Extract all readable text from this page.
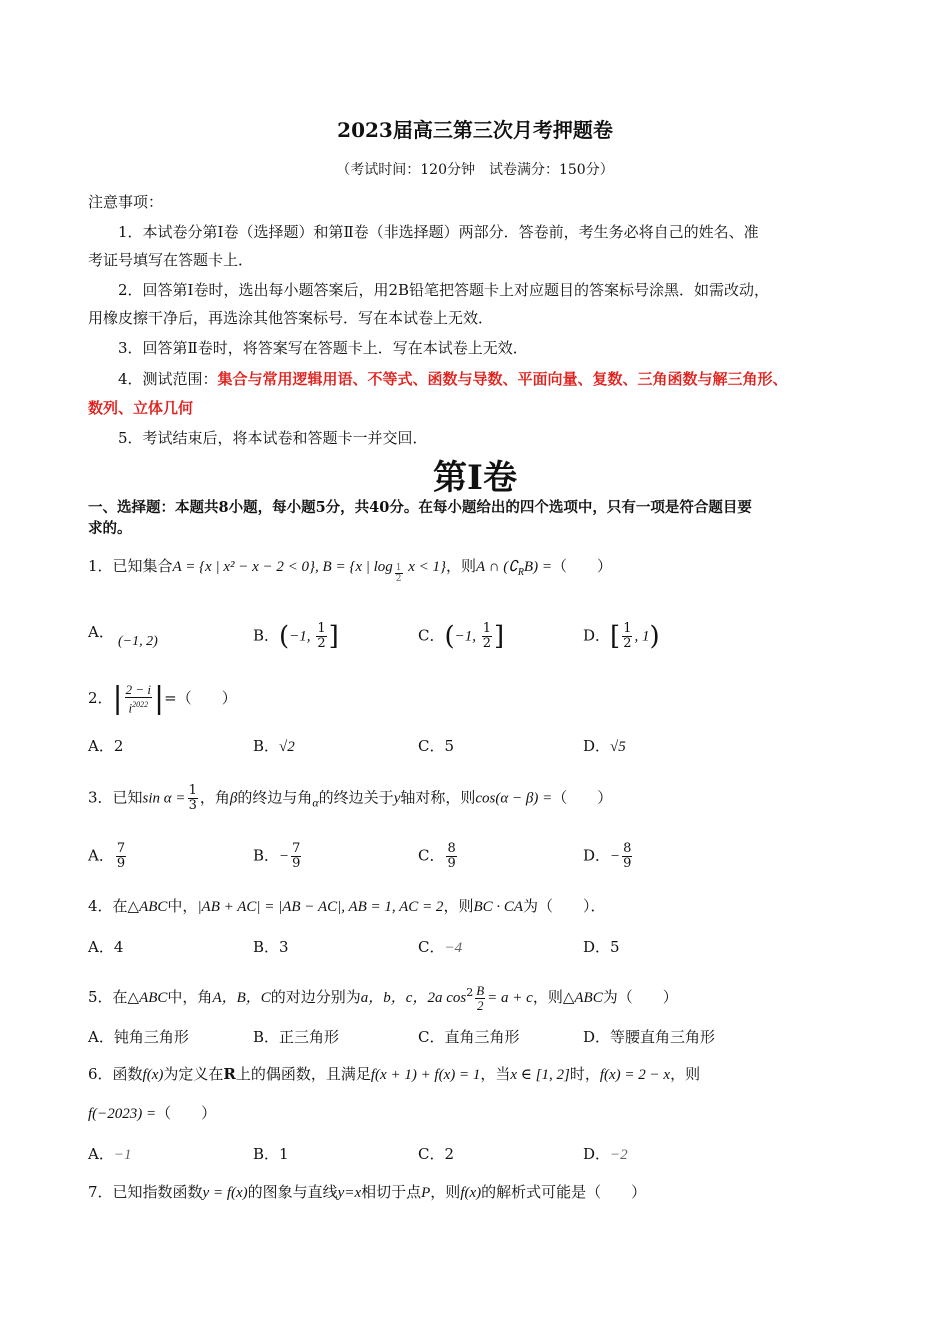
2023届高三第三次月考押题卷
（考试时间：120分钟　试卷满分：150分）
注意事项：
1．本试卷分第Ⅰ卷（选择题）和第Ⅱ卷（非选择题）两部分．答卷前，考生务必将自己的姓名、准
考证号填写在答题卡上．
2．回答第Ⅰ卷时，选出每小题答案后，用2B铅笔把答题卡上对应题目的答案标号涂黑．如需改动，
用橡皮擦干净后，再选涂其他答案标号．写在本试卷上无效．
3．回答第Ⅱ卷时，将答案写在答题卡上．写在本试卷上无效．
4．测试范围：集合与常用逻辑用语、不等式、函数与导数、平面向量、复数、三角函数与解三角形、
数列、立体几何
5．考试结束后，将本试卷和答题卡一并交回．
第Ⅰ卷
一、选择题：本题共8小题，每小题5分，共40分。在每小题给出的四个选项中，只有一项是符合题目要
求的。
1．已知集合A = {x | x² − x − 2 < 0}, B = {x | $\log \frac{1}{2}$ x < 1}，则A ∩ $(∁_RB)$ =（　　）
A．
(−1, 2)	B．(−1, $\frac{1}{2}$ ]	C．(−1, $\frac{1}{2}$ ]	D．[ $\frac{1}{2}$ , 1)
2．| $\frac{2 - i}{i^{2022}}$ |=（　　）
A．2	B．√2	C．5	D．√5
3．已知$\sin \alpha = \frac{1}{3}$ ，角β的终边与角$_\alpha$的终边关于y轴对称，则cos(α − β) =（　　）
A． $\frac{7}{9}$	B．− $\frac{7}{9}$	C． $\frac{8}{9}$	D．− $\frac{8}{9}$
4．在△ABC中，|AB + AC| = |AB − AC|, AB = 1, AC = 2，则BC · CA为（　　）．
A．4	B．3	C．−4	D．5
5．在△ABC中，角A，B，C的对边分别为a，b，c，2a $\cos^2 \frac{B}{2} = a + c$，则△ABC为（　　）
A．钝角三角形	B．正三角形	C．直角三角形	D．等腰直角三角形
6．函数f(x)为定义在R上的偶函数，且满足f(x + 1) + f(x) = 1，当x ∈ [1, 2]时，f(x) = 2 − x，则
f(−2023) =（　　）
A．−1	B．1	C．2	D．−2
7．已知指数函数y = f(x)的图象与直线y=x相切于点P，则f(x)的解析式可能是（　　）
